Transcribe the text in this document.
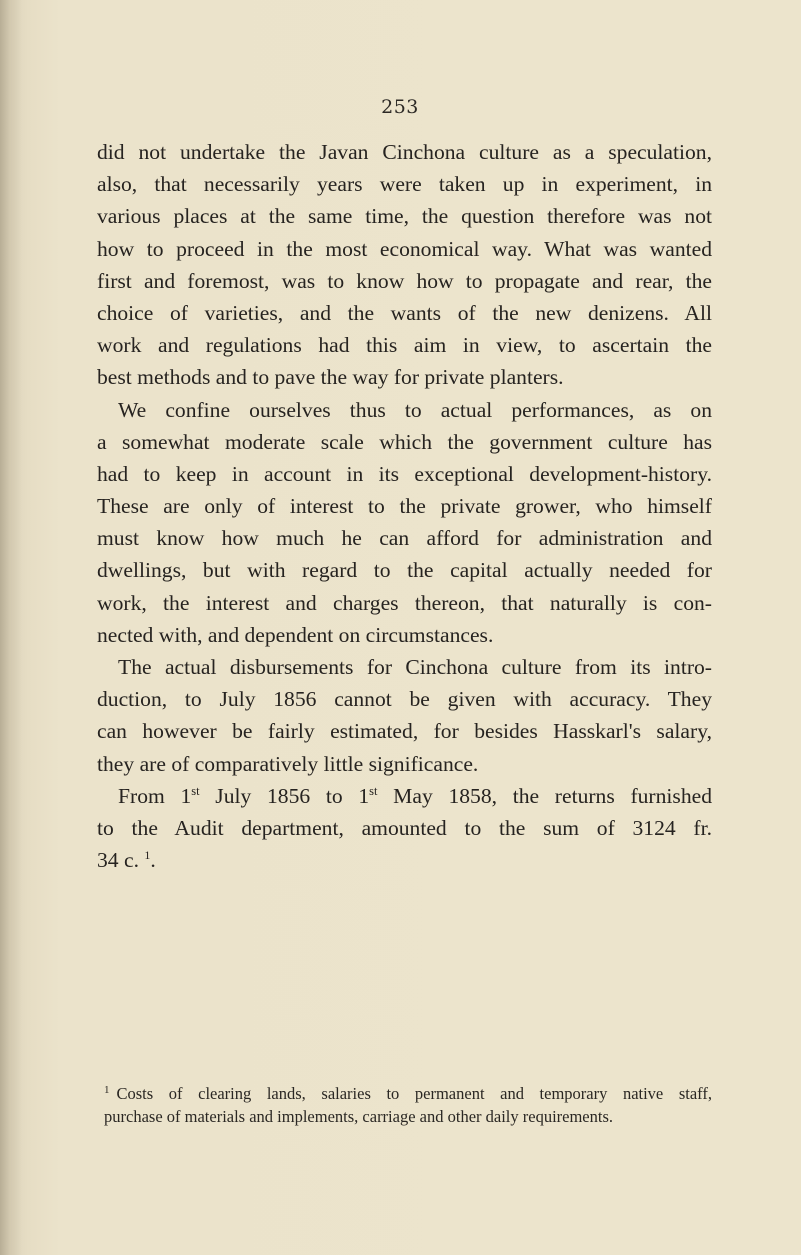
253
did not undertake the Javan Cinchona culture as a speculation,
also, that necessarily years were taken up in experiment, in
various places at the same time, the question therefore was not
how to proceed in the most economical way. What was wanted
first and foremost, was to know how to propagate and rear, the
choice of varieties, and the wants of the new denizens. All
work and regulations had this aim in view, to ascertain the
best methods and to pave the way for private planters.
We confine ourselves thus to actual performances, as on
a somewhat moderate scale which the government culture has
had to keep in account in its exceptional development-history.
These are only of interest to the private grower, who himself
must know how much he can afford for administration and
dwellings, but with regard to the capital actually needed for
work, the interest and charges thereon, that naturally is con-
nected with, and dependent on circumstances.
The actual disbursements for Cinchona culture from its intro-
duction, to July 1856 cannot be given with accuracy. They
can however be fairly estimated, for besides Hasskarl's salary,
they are of comparatively little significance.
From 1st July 1856 to 1st May 1858, the returns furnished
to the Audit department, amounted to the sum of 3124 fr.
34 c. $^1$.
$^1$ Costs of clearing lands, salaries to permanent and temporary native staff,
purchase of materials and implements, carriage and other daily requirements.
